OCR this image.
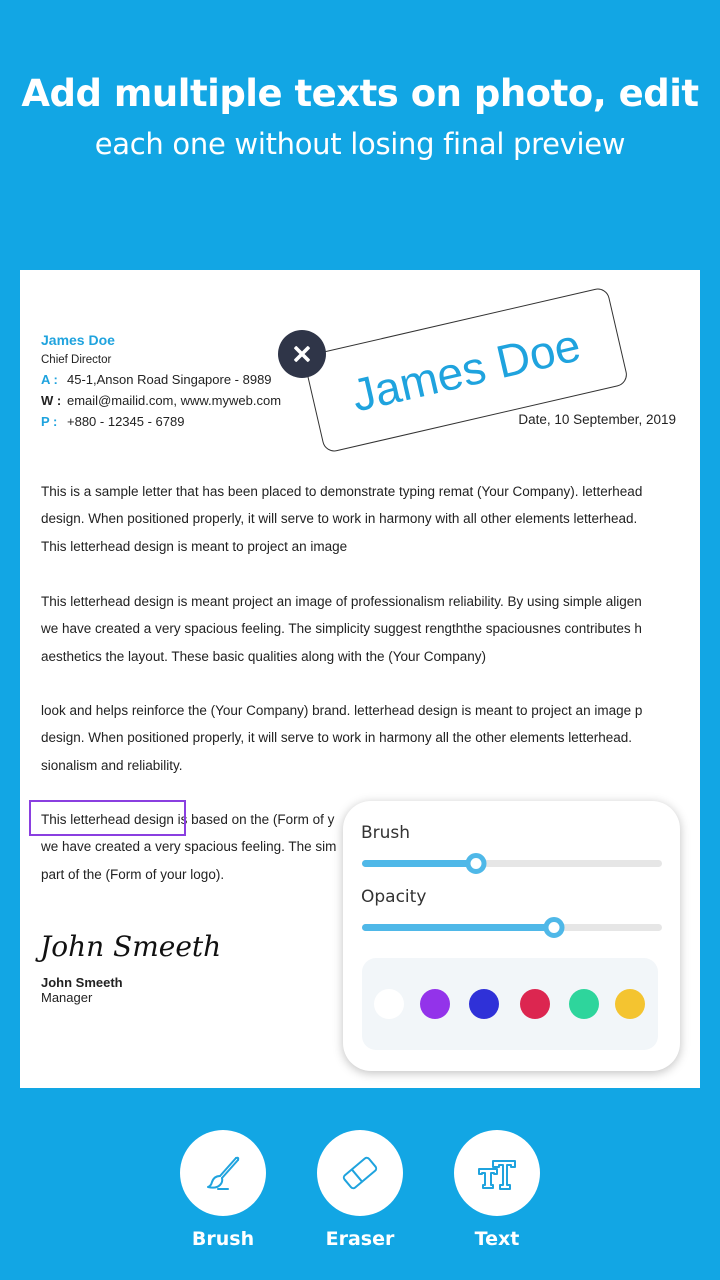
Add multiple texts on photo, edit
each one without losing final preview
James Doe
Chief Director
A : 45-1,Anson Road Singapore - 8989
W : email@mailid.com, www.myweb.com
P : +880 - 12345 - 6789	Date, 10 September, 2019
James Doe

This is a sample letter that has been placed to demonstrate typing remat (Your Company). letterhead

design. When positioned properly, it will serve to work in harmony with all other elements letterhead.

This letterhead design is meant to project an image

This letterhead design is meant project an image of professionalism reliability. By using simple aligen

we have created a very spacious feeling. The simplicity suggest rengththe spaciousnes contributes h

aesthetics the layout. These basic qualities along with the (Your Company)

look and helps reinforce the (Your Company) brand. letterhead design is meant to project an image p

design. When positioned properly, it will serve to work in harmony all the other elements letterhead.

sionalism and reliability.

This letterhead design is based on the (Form of y

we have created a very spacious feeling. The sim

part of the (Form of your logo).

John Smeeth
John Smeeth
Manager
Brush
Opacity
Brush	Eraser	Text
